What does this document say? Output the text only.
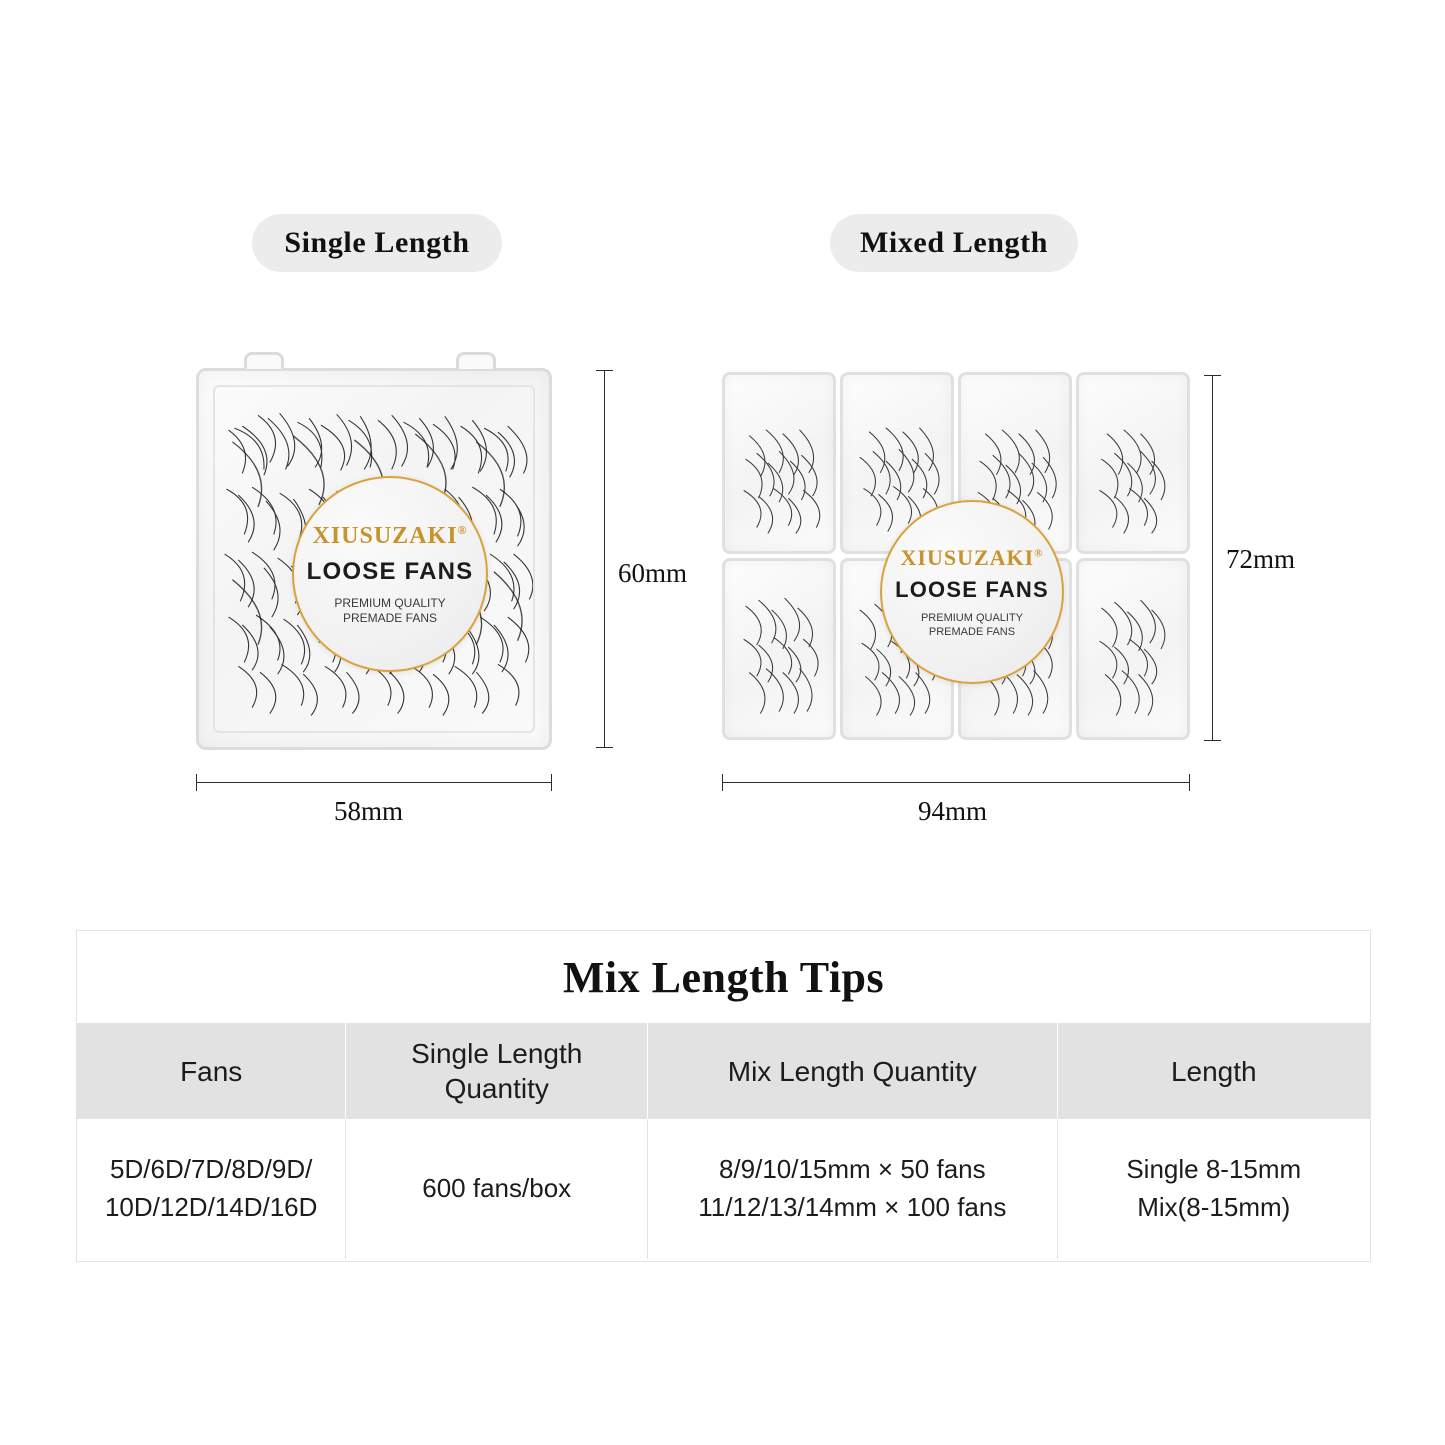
Single Length	Mixed Length
XIUSUZAKI®
LOOSE FANS
PREMIUM QUALITY
PREMADE FANS
60mm
58mm
XIUSUZAKI®
LOOSE FANS
PREMIUM QUALITY
PREMADE FANS
72mm
94mm
Mix Length Tips
Fans
Single Length
Quantity
Mix Length Quantity	Length
5D/6D/7D/8D/9D/
10D/12D/14D/16D
600 fans/box
8/9/10/15mm × 50 fans
11/12/13/14mm × 100 fans
Single 8-15mm
Mix(8-15mm)
